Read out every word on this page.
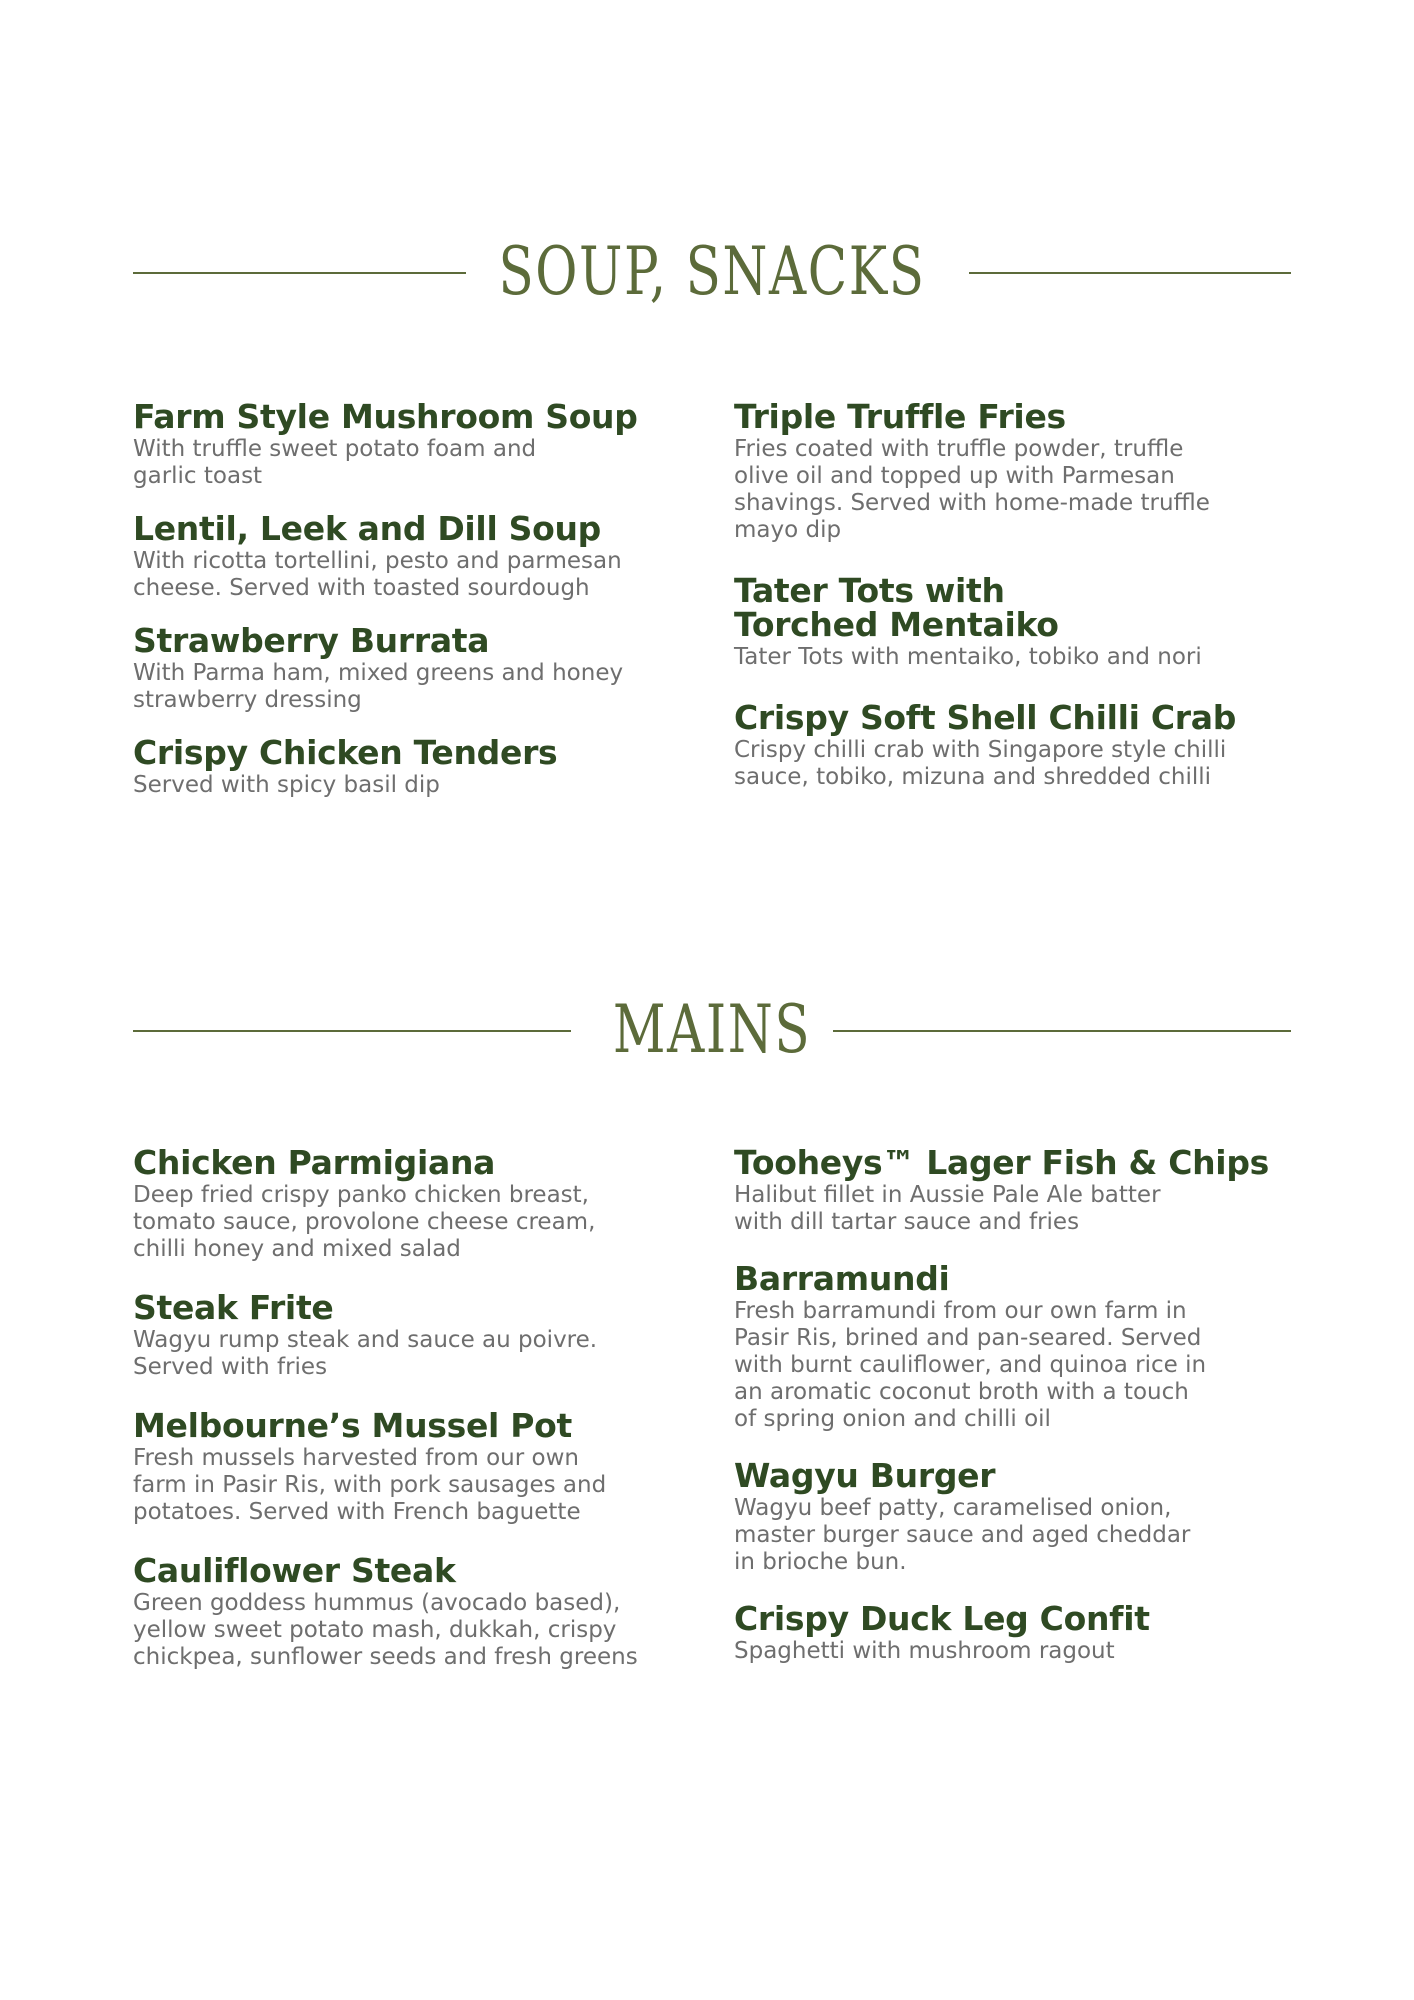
SOUP, SNACKS

Farm Style Mushroom Soup

With truffle sweet potato foam and
garlic toast

Lentil, Leek and Dill Soup

With ricotta tortellini, pesto and parmesan
cheese. Served with toasted sourdough

Strawberry Burrata

With Parma ham, mixed greens and honey
strawberry dressing

Crispy Chicken Tenders

Served with spicy basil dip

Triple Truffle Fries

Fries coated with truffle powder, truffle
olive oil and topped up with Parmesan
shavings. Served with home-made truffle
mayo dip

Tater Tots with
Torched Mentaiko

Tater Tots with mentaiko, tobiko and nori

Crispy Soft Shell Chilli Crab

Crispy chilli crab with Singapore style chilli
sauce, tobiko, mizuna and shredded chilli

MAINS

Chicken Parmigiana

Deep fried crispy panko chicken breast,
tomato sauce, provolone cheese cream,
chilli honey and mixed salad

Steak Frite

Wagyu rump steak and sauce au poivre.
Served with fries

Melbourne’s Mussel Pot

Fresh mussels harvested from our own
farm in Pasir Ris, with pork sausages and
potatoes. Served with French baguette

Cauliflower Steak

Green goddess hummus (avocado based),
yellow sweet potato mash, dukkah, crispy
chickpea, sunflower seeds and fresh greens

Tooheys™ Lager Fish & Chips

Halibut fillet in Aussie Pale Ale batter
with dill tartar sauce and fries

Barramundi

Fresh barramundi from our own farm in
Pasir Ris, brined and pan-seared. Served
with burnt cauliflower, and quinoa rice in
an aromatic coconut broth with a touch
of spring onion and chilli oil

Wagyu Burger

Wagyu beef patty, caramelised onion,
master burger sauce and aged cheddar
in brioche bun.

Crispy Duck Leg Confit

Spaghetti with mushroom ragout
